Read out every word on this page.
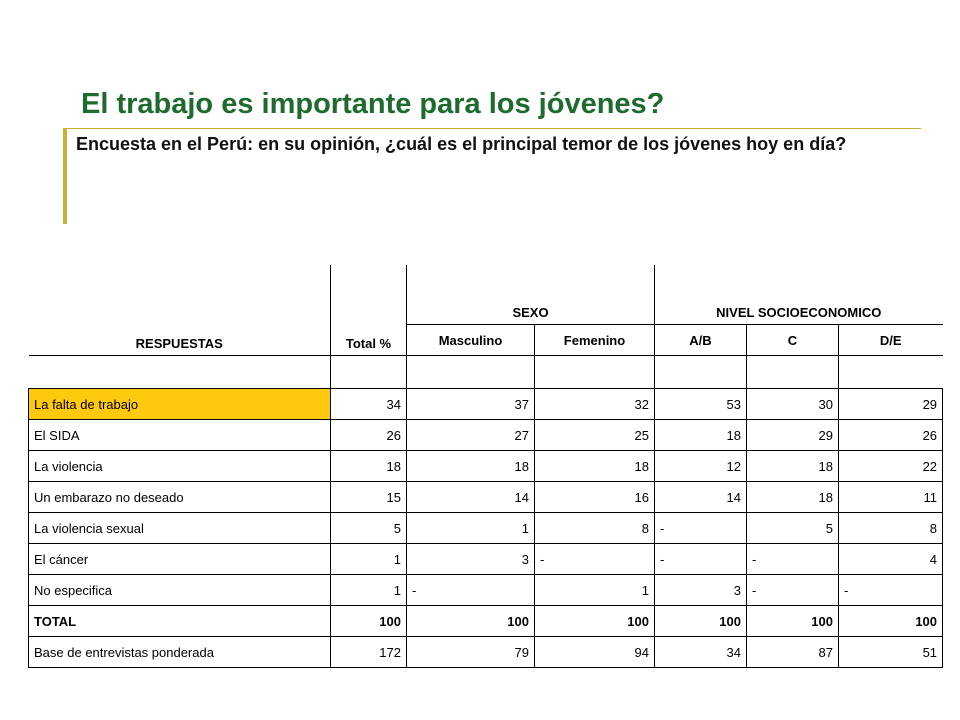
El trabajo es importante para los jóvenes?
Encuesta en el Perú: en su opinión, ¿cuál es el principal temor de los jóvenes hoy en día?
RESPUESTAS	Total %	SEXO		NIVEL SOCIOECONOMICO		
		Masculino	Femenino	A/B	C	D/E

La falta de trabajo	34	37	32	53	30	29
El SIDA	26	27	25	18	29	26
La violencia	18	18	18	12	18	22
Un embarazo no deseado	15	14	16	14	18	11
La violencia sexual	5	1	8	-	5	8
El cáncer	1	3	-	-	-	4
No especifica	1	-	1	3	-	-
TOTAL	100	100	100	100	100	100
Base de entrevistas ponderada	172	79	94	34	87	51
